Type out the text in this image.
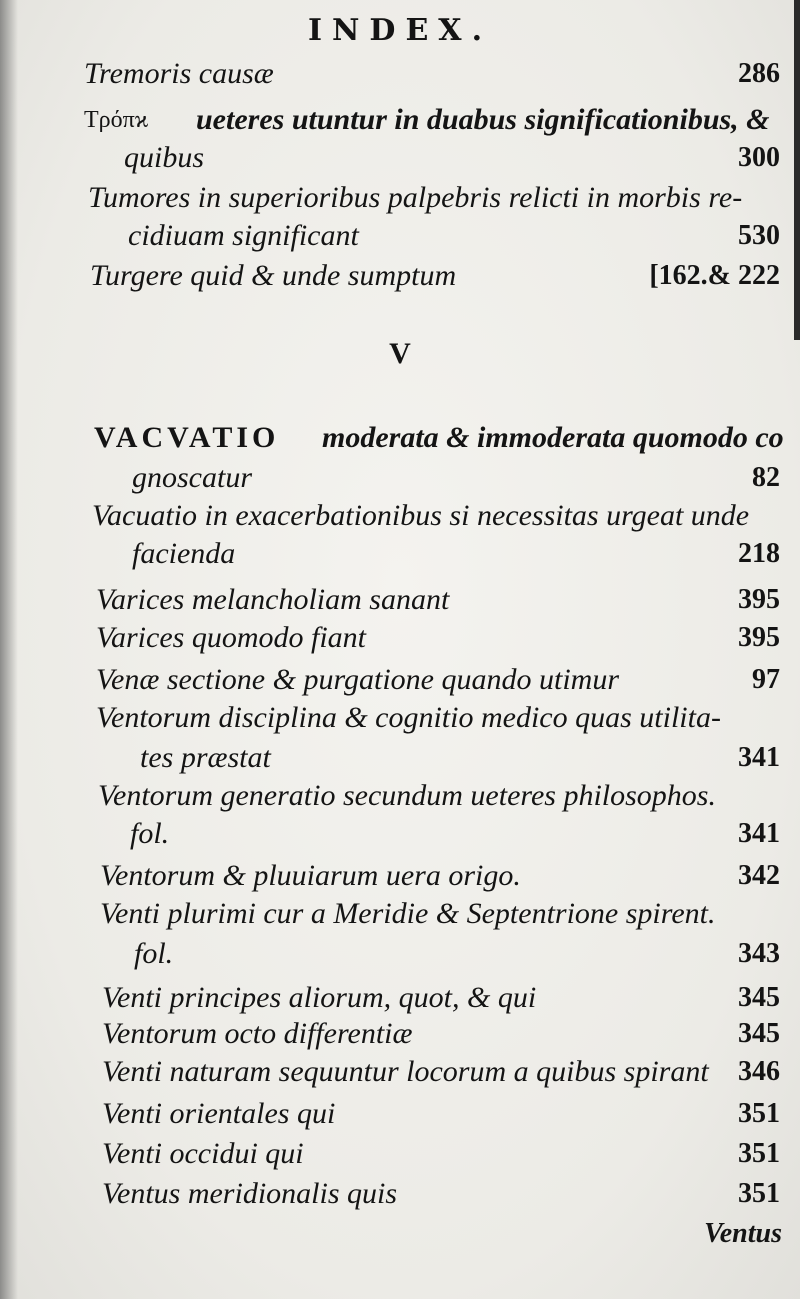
INDEX.
Tremoris causæ	286
Τρόπϰ ueteres utuntur in duabus significationibus, &
quibus	300
Tumores in superioribus palpebris relicti in morbis re-
cidiuam significant	530
Turgere quid & unde sumptum	[162.& 222
V
VACVATIO moderata & immoderata quomodo co
gnoscatur	82
Vacuatio in exacerbationibus si necessitas urgeat unde
facienda	218
Varices melancholiam sanant	395
Varices quomodo fiant	395
Venæ sectione & purgatione quando utimur	97
Ventorum disciplina & cognitio medico quas utilita-
tes præstat	341
Ventorum generatio secundum ueteres philosophos.
fol.	341
Ventorum & pluuiarum uera origo.	342
Venti plurimi cur a Meridie & Septentrione spirent.
fol.	343
Venti principes aliorum, quot, & qui	345
Ventorum octo differentiæ	345
Venti naturam sequuntur locorum a quibus spirant 346
Venti orientales qui	351
Venti occidui qui	351
Ventus meridionalis quis	351
Ventus
